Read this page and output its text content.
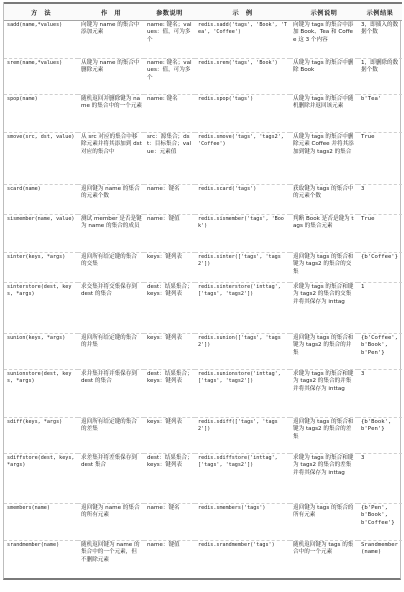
方　法	作　用	参数说明	示　例	示例说明	示例结果
sadd(name,*values)	向键为 name 的集合中添加元素	name: 键名；values：值，可为多个	redis.sadd('tags', 'Book', 'Tea', 'Coffee')	向键为 tags 的集合中添加 Book、Tea 和 Coffee 这 3 个内容	3，即插入的数据个数
srem(name,*values)	从键为 name 的集合中删除元素	name: 键名；values：值，可为多个	redis.srem('tags', 'Book')	从键为 tags 的集合中删除 Book	1，即删除的数据个数
spop(name)	随机返回并删除键为 name 的集合中的一个元素	name: 键名	redis.spop('tags')	从键为 tags 的集合中随机删除并返回该元素	b'Tea'
smove(src, dst, value)	从 src 对应的集合中移除元素并将其添加到 dst 对应的集合中	src：源集合；dst：目标集合；value：元素值	redis.smove('tags', 'tags2', 'Coffee')	从键为 tags 的集合中删除元素 Coffee 并将其添加到键为 tags2 的集合	True
scard(name)	返回键为 name 的集合的元素个数	name：键名	redis.scard('tags')	获取键为 tags 的集合中的元素个数	3
sismember(name, value)	测试 member 是否是键为 name 的集合的成员	name：键值	redis.sismember('tags', 'Book')	判断 Book 是否是键为 tags 的集合元素	True
sinter(keys, *args)	返回所有给定键的集合的交集	keys：键列表	redis.sinter(['tags', 'tags2'])	返回键为 tags 的集合和键为 tags2 的集合的交集	{b'Coffee'}
sinterstore(dest, keys, *args)	求交集并将交集保存到 dest 的集合	dest：结果集合；keys：键列表	redis.sinterstore('inttag', ['tags', 'tags2'])	求键为 tags 的集合和键为 tags2 的集合的交集并将其保存为 inttag	1
sunion(keys, *args)	返回所有给定键的集合的并集	keys：键列表	redis.sunion(['tags', 'tags2'])	返回键为 tags 的集合和键为 tags2 的集合的并集	{b'Coffee', b'Book', b'Pen'}
sunionstore(dest, keys, *args)	求并集并将并集保存到 dest 的集合	dest：结果集合；keys：键列表	redis.sunionstore('inttag', ['tags', 'tags2'])	求键为 tags 的集合和键为 tags2 的集合的并集并将其保存为 inttag	3
sdiff(keys, *args)	返回所有给定键的集合的差集	keys：键列表	redis.sdiff(['tags', 'tags2'])	返回键为 tags 的集合和键为 tags2 的集合的差集	{b'Book', b'Pen'}
sdiffstore(dest, keys, *args)	求差集并将差集保存到 dest 集合	dest：结果集合；keys：键列表	redis.sdiffstore('inttag', ['tags', 'tags2'])	求键为 tags 的集合和键为 tags2 的集合的差集并将其保存为 inttag	3
smembers(name)	返回键为 name 的集合的所有元素	name：键名	redis.smembers('tags')	返回键为 tags 的集合的所有元素	{b'Pen', b'Book', b'Coffee'}
srandmember(name)	随机返回键为 name 的集合中的一个元素，但不删除元素	name：键值	redis.srandmember('tags')	随机返回键为 tags 的集合中的一个元素	Srandmember(name)
